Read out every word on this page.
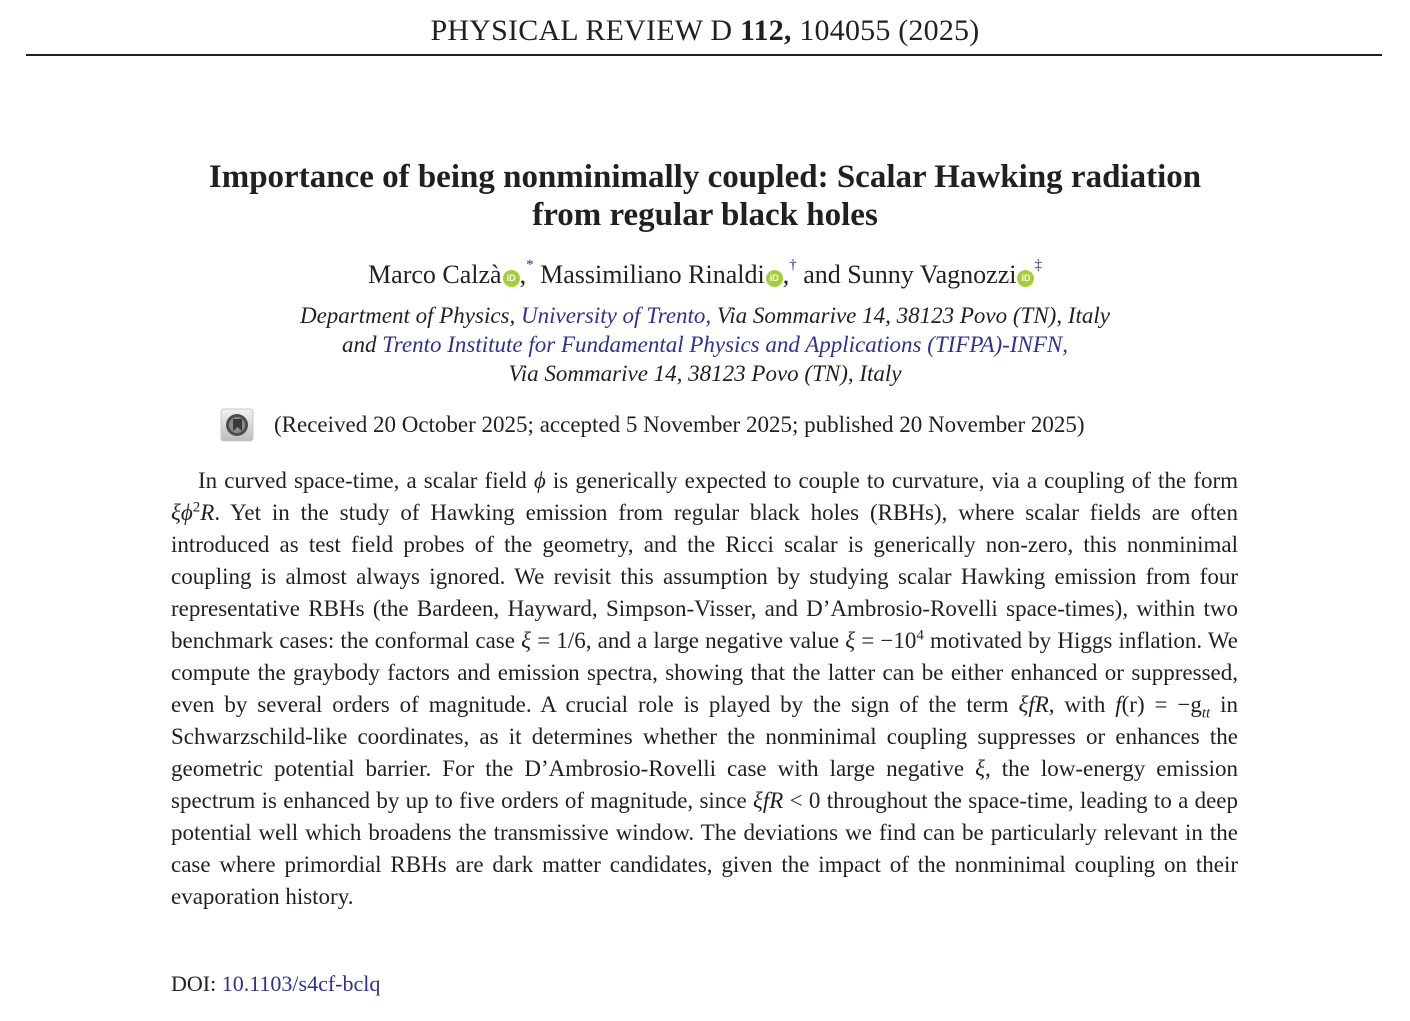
PHYSICAL REVIEW D 112, 104055 (2025)
Importance of being nonminimally coupled: Scalar Hawking radiation
from regular black holes
Marco Calzà iD ,* Massimiliano Rinaldi iD ,† and Sunny Vagnozzi iD‡
Department of Physics, University of Trento, Via Sommarive 14, 38123 Povo (TN), Italy
and Trento Institute for Fundamental Physics and Applications (TIFPA)-INFN,
Via Sommarive 14, 38123 Povo (TN), Italy
(Received 20 October 2025; accepted 5 November 2025; published 20 November 2025)

In curved space-time, a scalar field ϕ is generically expected to couple to curvature, via a coupling of the form $\xi\phi^2R$. Yet in the study of Hawking emission from regular black holes (RBHs), where scalar fields are often introduced as test field probes of the geometry, and the Ricci scalar is generically non-zero, this nonminimal coupling is almost always ignored. We revisit this assumption by studying scalar Hawking emission from four representative RBHs (the Bardeen, Hayward, Simpson-Visser, and D’Ambrosio-Rovelli space-times), within two benchmark cases: the conformal case ξ = 1/6, and a large negative value $\xi = -10^4$ motivated by Higgs inflation. We compute the graybody factors and emission spectra, showing that the latter can be either enhanced or suppressed, even by several orders of magnitude. A crucial role is played by the sign of the term ξfR, with $f(r) = -g_{tt}$ in Schwarzschild-like coordinates, as it determines whether the nonminimal coupling suppresses or enhances the geometric potential barrier. For the D’Ambrosio-Rovelli case with large negative ξ, the low-energy emission spectrum is enhanced by up to five orders of magnitude, since ξfR < 0 throughout the space-time, leading to a deep potential well which broadens the transmissive window. The deviations we find can be particularly relevant in the case where primordial RBHs are dark matter candidates, given the impact of the nonminimal coupling on their evaporation history.

DOI: 10.1103/s4cf-bclq
